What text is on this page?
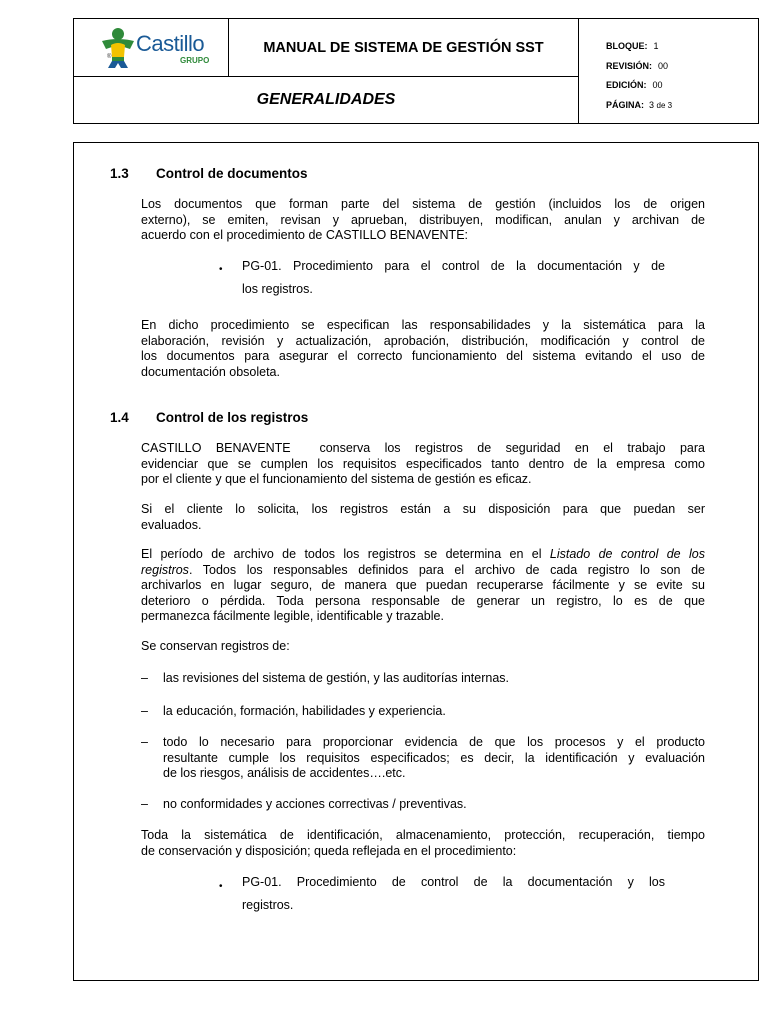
®
Castillo
GRUPO
MANUAL DE SISTEMA DE GESTIÓN SST
GENERALIDADES
BLOQUE: 1
REVISIÓN: 00
EDICIÓN: 00
PÁGINA: 3 de 3
1.3 Control de documentos
Los documentos que forman parte del sistema de gestión (incluidos los de origen
externo), se emiten, revisan y aprueban, distribuyen, modifican, anulan y archivan de
acuerdo con el procedimiento de CASTILLO BENAVENTE:
• PG-01. Procedimiento para el control de la documentación y de
los registros.
En dicho procedimiento se especifican las responsabilidades y la sistemática para la
elaboración, revisión y actualización, aprobación, distribución, modificación y control de
los documentos para asegurar el correcto funcionamiento del sistema evitando el uso de
documentación obsoleta.
1.4 Control de los registros
CASTILLO BENAVENTE  conserva los registros de seguridad en el trabajo para
evidenciar que se cumplen los requisitos especificados tanto dentro de la empresa como
por el cliente y que el funcionamiento del sistema de gestión es eficaz.
Si el cliente lo solicita, los registros están a su disposición para que puedan ser
evaluados.
El período de archivo de todos los registros se determina en el Listado de control de los
registros. Todos los responsables definidos para el archivo de cada registro lo son de
archivarlos en lugar seguro, de manera que puedan recuperarse fácilmente y se evite su
deterioro o pérdida. Toda persona responsable de generar un registro, lo es de que
permanezca fácilmente legible, identificable y trazable.
Se conservan registros de:
– las revisiones del sistema de gestión, y las auditorías internas.
– la educación, formación, habilidades y experiencia.
– todo lo necesario para proporcionar evidencia de que los procesos y el producto
resultante cumple los requisitos especificados; es decir, la identificación y evaluación
de los riesgos, análisis de accidentes….etc.
– no conformidades y acciones correctivas / preventivas.
Toda la sistemática de identificación, almacenamiento, protección, recuperación, tiempo
de conservación y disposición; queda reflejada en el procedimiento:
• PG-01. Procedimiento de control de la documentación y los
registros.
